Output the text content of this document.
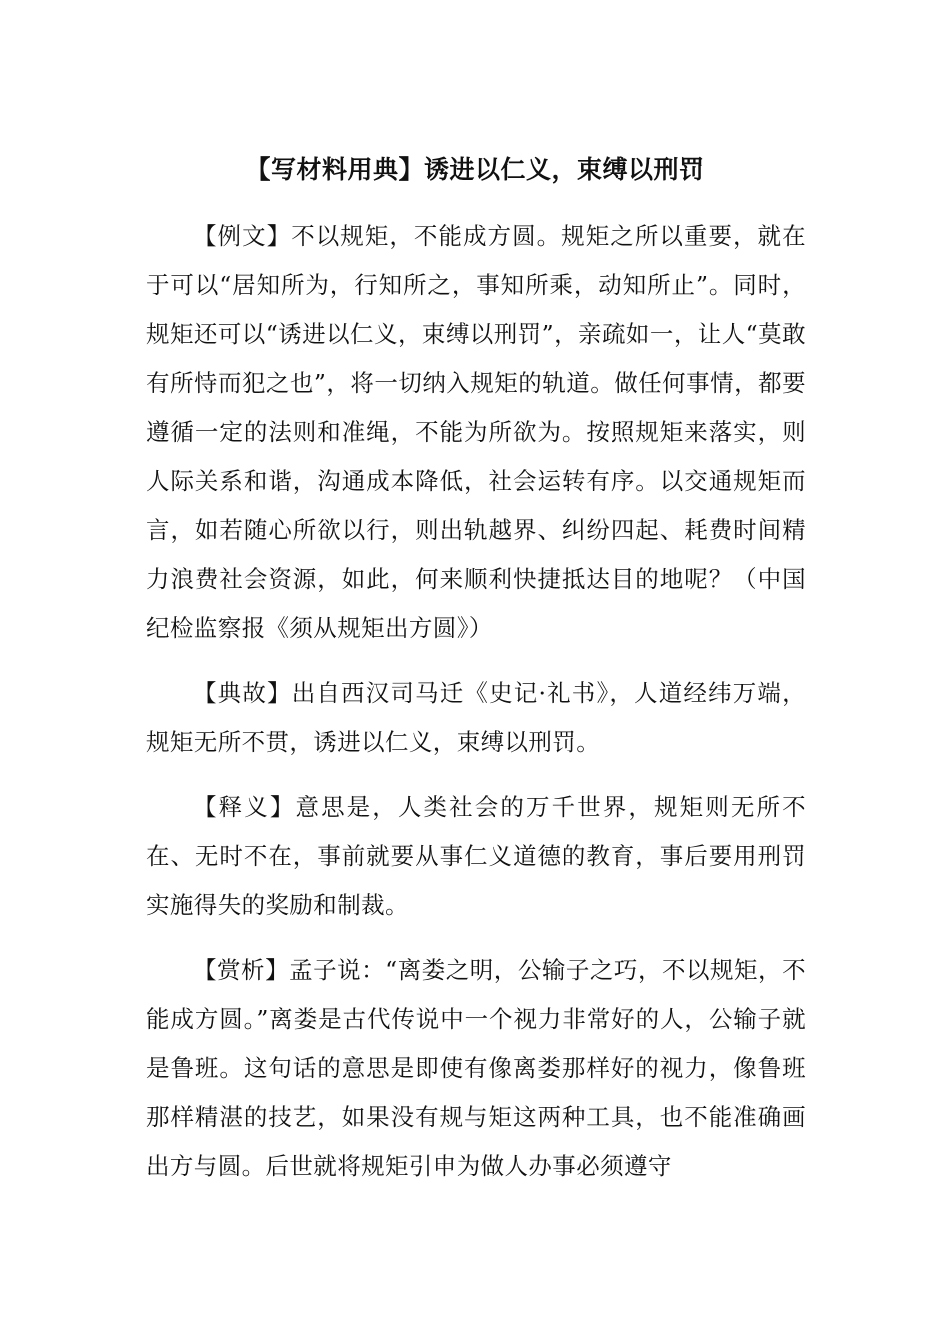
【写材料用典】诱进以仁义，束缚以刑罚

【例文】不以规矩，不能成方圆。规矩之所以重要，就在于可以“居知所为，行知所之，事知所乘，动知所止”。同时，规矩还可以“诱进以仁义，束缚以刑罚”，亲疏如一，让人“莫敢有所恃而犯之也”，将一切纳入规矩的轨道。做任何事情，都要遵循一定的法则和准绳，不能为所欲为。按照规矩来落实，则人际关系和谐，沟通成本降低，社会运转有序。以交通规矩而言，如若随心所欲以行，则出轨越界、纠纷四起、耗费时间精力浪费社会资源，如此，何来顺利快捷抵达目的地呢？（中国纪检监察报《须从规矩出方圆》）

【典故】出自西汉司马迁《史记·礼书》，人道经纬万端，规矩无所不贯，诱进以仁义，束缚以刑罚。

【释义】意思是，人类社会的万千世界，规矩则无所不在、无时不在，事前就要从事仁义道德的教育，事后要用刑罚实施得失的奖励和制裁。

【赏析】孟子说：“离娄之明，公输子之巧，不以规矩，不能成方圆。”离娄是古代传说中一个视力非常好的人，公输子就是鲁班。这句话的意思是即使有像离娄那样好的视力，像鲁班那样精湛的技艺，如果没有规与矩这两种工具，也不能准确画出方与圆。后世就将规矩引申为做人办事必须遵守
